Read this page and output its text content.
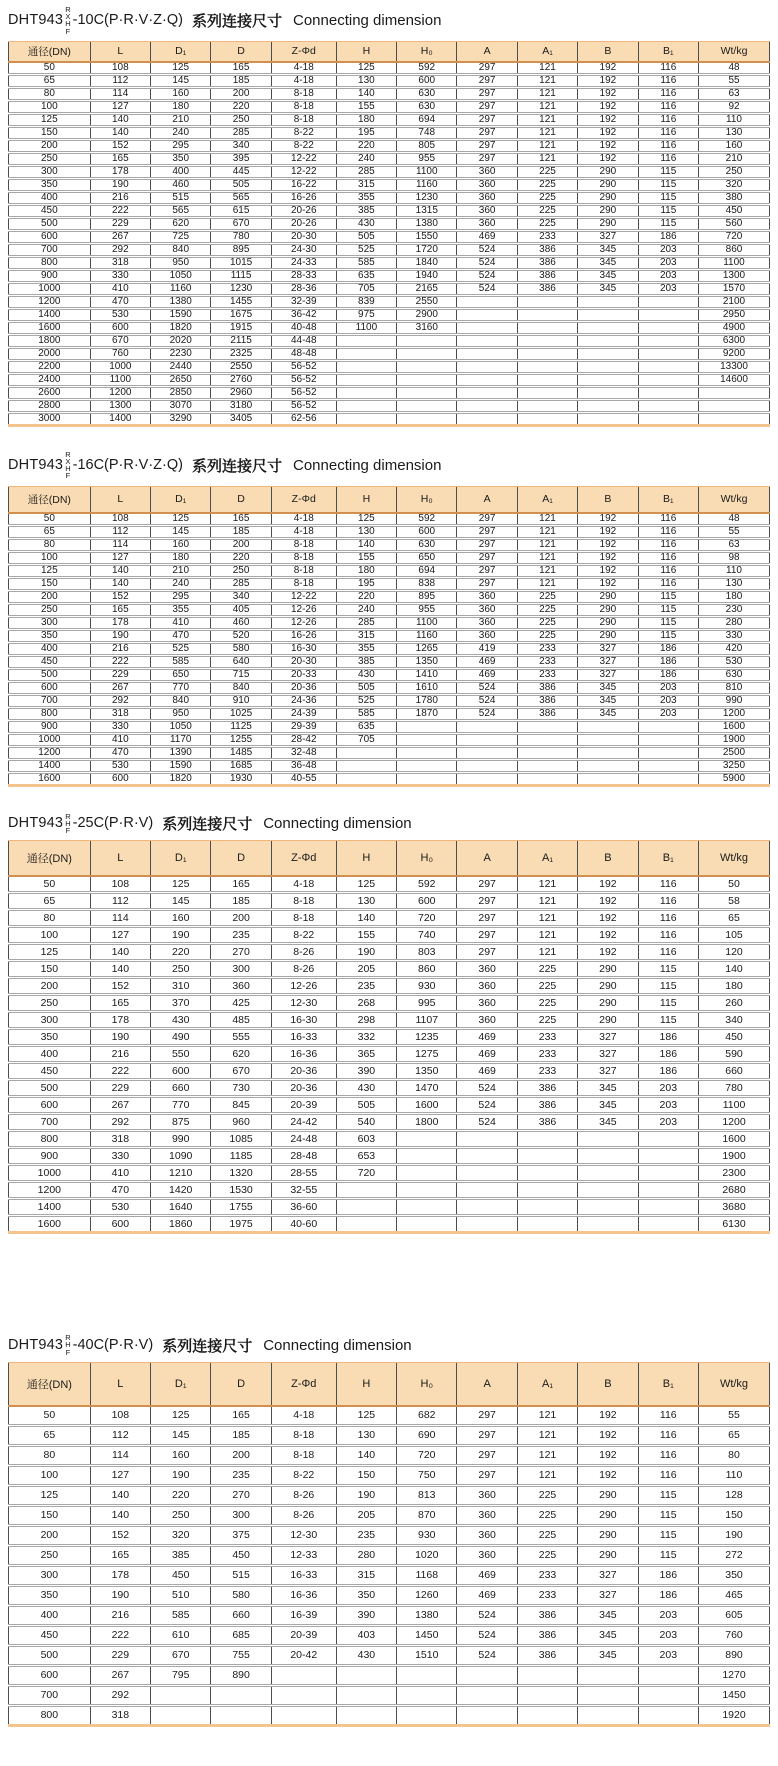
DHT943
R
X
H
F
-10C(P·R·V·Z·Q) 系列连接尺寸 Connecting dimension
通径(DN)	L	D₁	D	Z-Φd	H	H₀	A	A₁	B	B₁	Wt/kg
50	108	125	165	4-18	125	592	297	121	192	116	48
65	112	145	185	4-18	130	600	297	121	192	116	55
80	114	160	200	8-18	140	630	297	121	192	116	63
100	127	180	220	8-18	155	630	297	121	192	116	92
125	140	210	250	8-18	180	694	297	121	192	116	110
150	140	240	285	8-22	195	748	297	121	192	116	130
200	152	295	340	8-22	220	805	297	121	192	116	160
250	165	350	395	12-22	240	955	297	121	192	116	210
300	178	400	445	12-22	285	1100	360	225	290	115	250
350	190	460	505	16-22	315	1160	360	225	290	115	320
400	216	515	565	16-26	355	1230	360	225	290	115	380
450	222	565	615	20-26	385	1315	360	225	290	115	450
500	229	620	670	20-26	430	1380	360	225	290	115	560
600	267	725	780	20-30	505	1550	469	233	327	186	720
700	292	840	895	24-30	525	1720	524	386	345	203	860
800	318	950	1015	24-33	585	1840	524	386	345	203	1100
900	330	1050	1115	28-33	635	1940	524	386	345	203	1300
1000	410	1160	1230	28-36	705	2165	524	386	345	203	1570
1200	470	1380	1455	32-39	839	2550					2100
1400	530	1590	1675	36-42	975	2900					2950
1600	600	1820	1915	40-48	1100	3160					4900
1800	670	2020	2115	44-48							6300
2000	760	2230	2325	48-48							9200
2200	1000	2440	2550	56-52							13300
2400	1100	2650	2760	56-52							14600
2600	1200	2850	2960	56-52							
2800	1300	3070	3180	56-52							
3000	1400	3290	3405	62-56							
DHT943
R
X
H
F
-16C(P·R·V·Z·Q) 系列连接尺寸 Connecting dimension
通径(DN)	L	D₁	D	Z-Φd	H	H₀	A	A₁	B	B₁	Wt/kg
50	108	125	165	4-18	125	592	297	121	192	116	48
65	112	145	185	4-18	130	600	297	121	192	116	55
80	114	160	200	8-18	140	630	297	121	192	116	63
100	127	180	220	8-18	155	650	297	121	192	116	98
125	140	210	250	8-18	180	694	297	121	192	116	110
150	140	240	285	8-18	195	838	297	121	192	116	130
200	152	295	340	12-22	220	895	360	225	290	115	180
250	165	355	405	12-26	240	955	360	225	290	115	230
300	178	410	460	12-26	285	1100	360	225	290	115	280
350	190	470	520	16-26	315	1160	360	225	290	115	330
400	216	525	580	16-30	355	1265	419	233	327	186	420
450	222	585	640	20-30	385	1350	469	233	327	186	530
500	229	650	715	20-33	430	1410	469	233	327	186	630
600	267	770	840	20-36	505	1610	524	386	345	203	810
700	292	840	910	24-36	525	1780	524	386	345	203	990
800	318	950	1025	24-39	585	1870	524	386	345	203	1200
900	330	1050	1125	29-39	635						1600
1000	410	1170	1255	28-42	705						1900
1200	470	1390	1485	32-48							2500
1400	530	1590	1685	36-48							3250
1600	600	1820	1930	40-55							5900
DHT943 R
H
F -25C(P·R·V) 系列连接尺寸 Connecting dimension
通径(DN)	L	D₁	D	Z-Φd	H	H₀	A	A₁	B	B₁	Wt/kg
50	108	125	165	4-18	125	592	297	121	192	116	50
65	112	145	185	8-18	130	600	297	121	192	116	58
80	114	160	200	8-18	140	720	297	121	192	116	65
100	127	190	235	8-22	155	740	297	121	192	116	105
125	140	220	270	8-26	190	803	297	121	192	116	120
150	140	250	300	8-26	205	860	360	225	290	115	140
200	152	310	360	12-26	235	930	360	225	290	115	180
250	165	370	425	12-30	268	995	360	225	290	115	260
300	178	430	485	16-30	298	1107	360	225	290	115	340
350	190	490	555	16-33	332	1235	469	233	327	186	450
400	216	550	620	16-36	365	1275	469	233	327	186	590
450	222	600	670	20-36	390	1350	469	233	327	186	660
500	229	660	730	20-36	430	1470	524	386	345	203	780
600	267	770	845	20-39	505	1600	524	386	345	203	1100
700	292	875	960	24-42	540	1800	524	386	345	203	1200
800	318	990	1085	24-48	603						1600
900	330	1090	1185	28-48	653						1900
1000	410	1210	1320	28-55	720						2300
1200	470	1420	1530	32-55							2680
1400	530	1640	1755	36-60							3680
1600	600	1860	1975	40-60							6130
DHT943 R
H
F -40C(P·R·V) 系列连接尺寸 Connecting dimension
通径(DN)	L	D₁	D	Z-Φd	H	H₀	A	A₁	B	B₁	Wt/kg
50	108	125	165	4-18	125	682	297	121	192	116	55
65	112	145	185	8-18	130	690	297	121	192	116	65
80	114	160	200	8-18	140	720	297	121	192	116	80
100	127	190	235	8-22	150	750	297	121	192	116	110
125	140	220	270	8-26	190	813	360	225	290	115	128
150	140	250	300	8-26	205	870	360	225	290	115	150
200	152	320	375	12-30	235	930	360	225	290	115	190
250	165	385	450	12-33	280	1020	360	225	290	115	272
300	178	450	515	16-33	315	1168	469	233	327	186	350
350	190	510	580	16-36	350	1260	469	233	327	186	465
400	216	585	660	16-39	390	1380	524	386	345	203	605
450	222	610	685	20-39	403	1450	524	386	345	203	760
500	229	670	755	20-42	430	1510	524	386	345	203	890
600	267	795	890								1270
700	292										1450
800	318										1920
